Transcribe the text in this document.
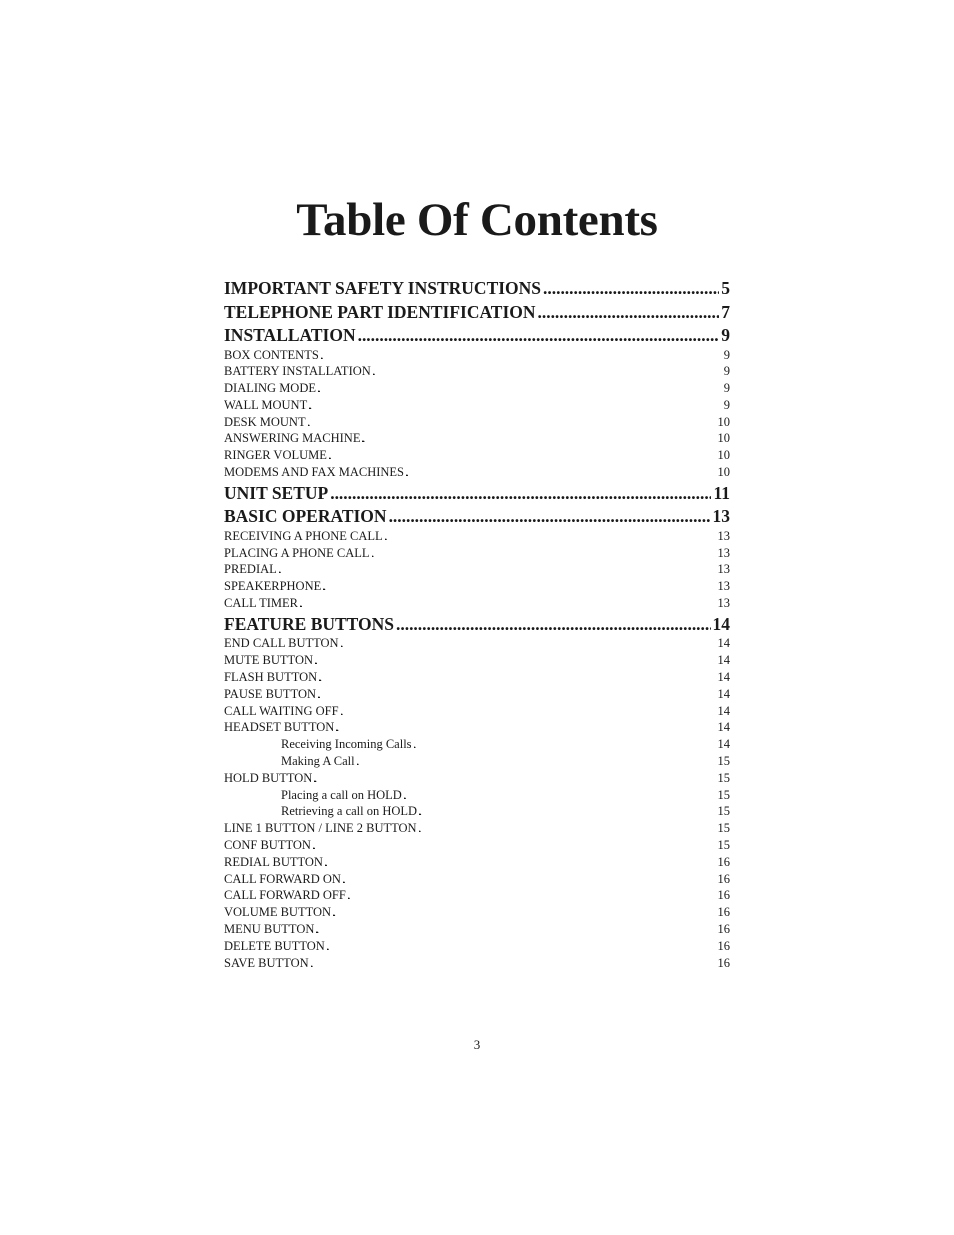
Table Of Contents
IMPORTANT SAFETY INSTRUCTIONS . . .	5
TELEPHONE PART IDENTIFICATION . . .	7
INSTALLATION . . .	9
BOX CONTENTS . . .	9
BATTERY INSTALLATION . . .	9
DIALING MODE . . .	9
WALL MOUNT . . .	9
DESK MOUNT . . .	10
ANSWERING MACHINE . . .	10
RINGER VOLUME . . .	10
MODEMS AND FAX MACHINES . . .	10
UNIT SETUP . . .	11
BASIC OPERATION . . .	13
RECEIVING A PHONE CALL . . .	13
PLACING A PHONE CALL . . .	13
PREDIAL . . .	13
SPEAKERPHONE . . .	13
CALL TIMER . . .	13
FEATURE BUTTONS . . .	14
END CALL BUTTON . . .	14
MUTE BUTTON . . .	14
FLASH BUTTON . . .	14
PAUSE BUTTON . . .	14
CALL WAITING OFF . . .	14
HEADSET BUTTON . . .	14
Receiving Incoming Calls . . .	14
Making A Call . . .	15
HOLD BUTTON . . .	15
Placing a call on HOLD . . .	15
Retrieving a call on HOLD . . .	15
LINE 1 BUTTON / LINE 2 BUTTON . . .	15
CONF BUTTON . . .	15
REDIAL BUTTON . . .	16
CALL FORWARD ON . . .	16
CALL FORWARD OFF . . .	16
VOLUME BUTTON . . .	16
MENU BUTTON . . .	16
DELETE BUTTON . . .	16
SAVE BUTTON . . .	16
3
